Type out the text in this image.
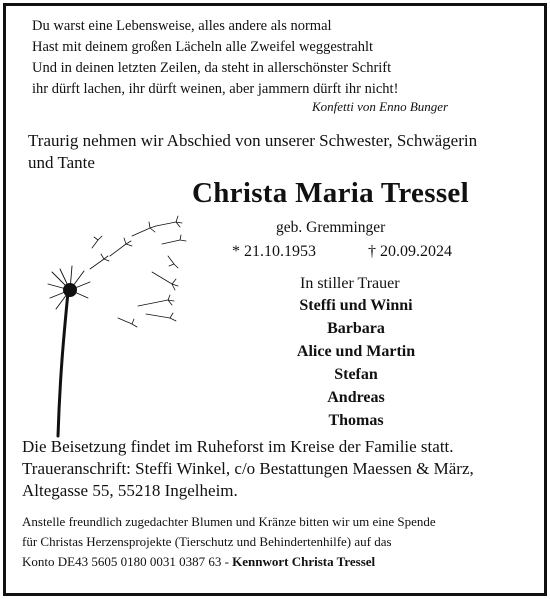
Du warst eine Lebensweise, alles andere als normal
Hast mit deinem großen Lächeln alle Zweifel weggestrahlt
Und in deinen letzten Zeilen, da steht in allerschönster Schrift
ihr dürft lachen, ihr dürft weinen, aber jammern dürft ihr nicht!
Konfetti von Enno Bunger
Traurig nehmen wir Abschied von unserer Schwester, Schwägerin
und Tante
Christa Maria Tressel
geb. Gremminger
* 21.10.1953	† 20.09.2024
In stiller Trauer
Steffi und Winni
Barbara
Alice und Martin
Stefan
Andreas
Thomas
Die Beisetzung findet im Ruheforst im Kreise der Familie statt.
Traueranschrift: Steffi Winkel, c/o Bestattungen Maessen & März,
Altegasse 55, 55218 Ingelheim.
Anstelle freundlich zugedachter Blumen und Kränze bitten wir um eine Spende
für Christas Herzensprojekte (Tierschutz und Behindertenhilfe) auf das
Konto DE43 5605 0180 0031 0387 63 - Kennwort Christa Tressel
